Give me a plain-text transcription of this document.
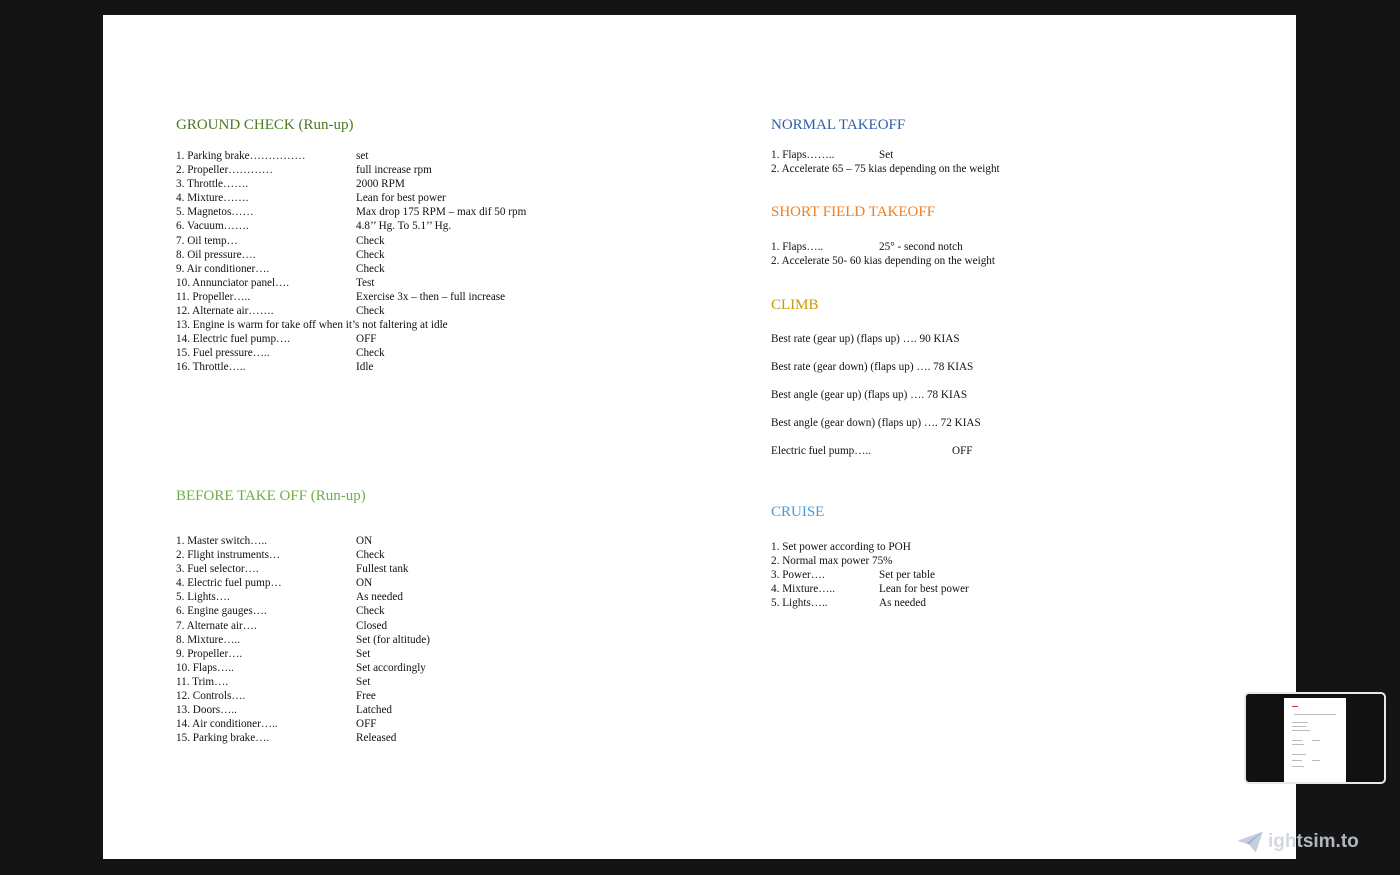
GROUND CHECK (Run-up)
1. Parking brake……………	set
2. Propeller…………	full increase rpm
3. Throttle…….	2000 RPM
4. Mixture…….	Lean for best power
5. Magnetos……	Max drop 175 RPM – max dif 50 rpm
6. Vacuum…….	4.8’’ Hg. To 5.1’’ Hg.
7. Oil temp…	Check
8. Oil pressure….	Check
9. Air conditioner….	Check
10. Annunciator panel….	Test
11. Propeller…..	Exercise 3x – then – full increase
12. Alternate air…….	Check
13. Engine is warm for take off when it’s not faltering at idle
14. Electric fuel pump….	OFF
15. Fuel pressure…..	Check
16. Throttle…..	Idle
BEFORE TAKE OFF (Run-up)
1. Master switch…..	ON
2. Flight instruments…	Check
3. Fuel selector….	Fullest tank
4. Electric fuel pump…	ON
5. Lights….	As needed
6. Engine gauges….	Check
7. Alternate air….	Closed
8. Mixture…..	Set (for altitude)
9. Propeller….	Set
10. Flaps…..	Set accordingly
11. Trim….	Set
12. Controls….	Free
13. Doors…..	Latched
14. Air conditioner…..	OFF
15. Parking brake….	Released
NORMAL TAKEOFF
1. Flaps……..	Set
2. Accelerate 65 – 75 kias depending on the weight
SHORT FIELD TAKEOFF
1. Flaps…..	25° - second notch
2. Accelerate 50- 60 kias depending on the weight
CLIMB
Best rate (gear up) (flaps up) …. 90 KIAS
Best rate (gear down) (flaps up) …. 78 KIAS
Best angle (gear up) (flaps up) …. 78 KIAS
Best angle (gear down) (flaps up) …. 72 KIAS
Electric fuel pump…..	OFF
CRUISE
1. Set power according to POH
2. Normal max power 75%
3. Power….	Set per table
4. Mixture…..	Lean for best power
5. Lights…..	As needed
ightsim.to
